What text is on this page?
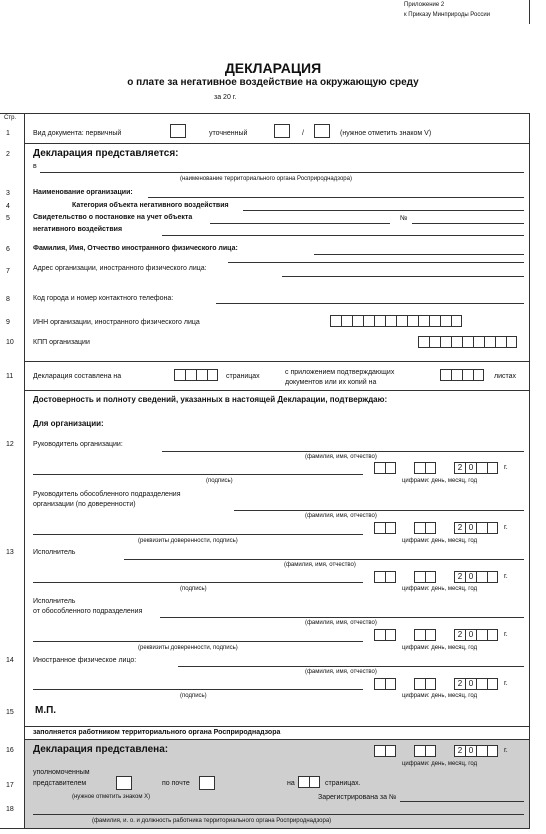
Приложение 2
к Приказу Минприроды России
ДЕКЛАРАЦИЯ
о плате за негативное воздействие на окружающую среду
за 20 г.
Стр.
1	Вид документа: первичный	уточненный	/	(нужное отметить знаком V)
2 Декларация представляется:
в
(наименование территориального органа Росприроднадзора)
3	Наименование организации:
4	Категория объекта негативного воздействия
5	Свидетельство о постановке на учет объекта
негативного воздействия
№
6	Фамилия, Имя, Отчество иностранного физического лица:
7	Адрес организации, иностранного физического лица:
8	Код города и номер контактного телефона:
9	ИНН организации, иностранного физического лица
10	КПП организации
11	Декларация составлена на	страницах
с приложением подтверждающих
документов или их копий на
листах
Достоверность и полноту сведений, указанных в настоящей Декларации, подтверждаю:
Для организации:
12	Руководитель организации:
(фамилия, имя, отчество)
(подпись)
2 0	г.
цифрами: день, месяц, год
Руководитель обособленного подразделения
организации (по доверенности)
(фамилия, имя, отчество)
(реквизиты доверенности, подпись)
2 0	г.
цифрами: день, месяц, год
13	Исполнитель
(фамилия, имя, отчество)
(подпись)
2 0	г.
цифрами: день, месяц, год
Исполнитель
от обособленного подразделения
(фамилия, имя, отчество)
(реквизиты доверенности, подпись)
2 0	г.
цифрами: день, месяц, год
14	Иностранное физическое лицо:
(фамилия, имя, отчество)
(подпись)
2 0	г.
цифрами: день, месяц, год
15 М.П.
заполняется работником территориального органа Росприроднадзора
16 Декларация представлена:	2 0	г.
цифрами: день, месяц, год
17
уполномоченным
представителем	по почте	на	страницах.
(нужное отметить знаком Х)	Зарегистрирована за №
18
(фамилия, и. о. и должность работника территориального органа Росприроднадзора)
